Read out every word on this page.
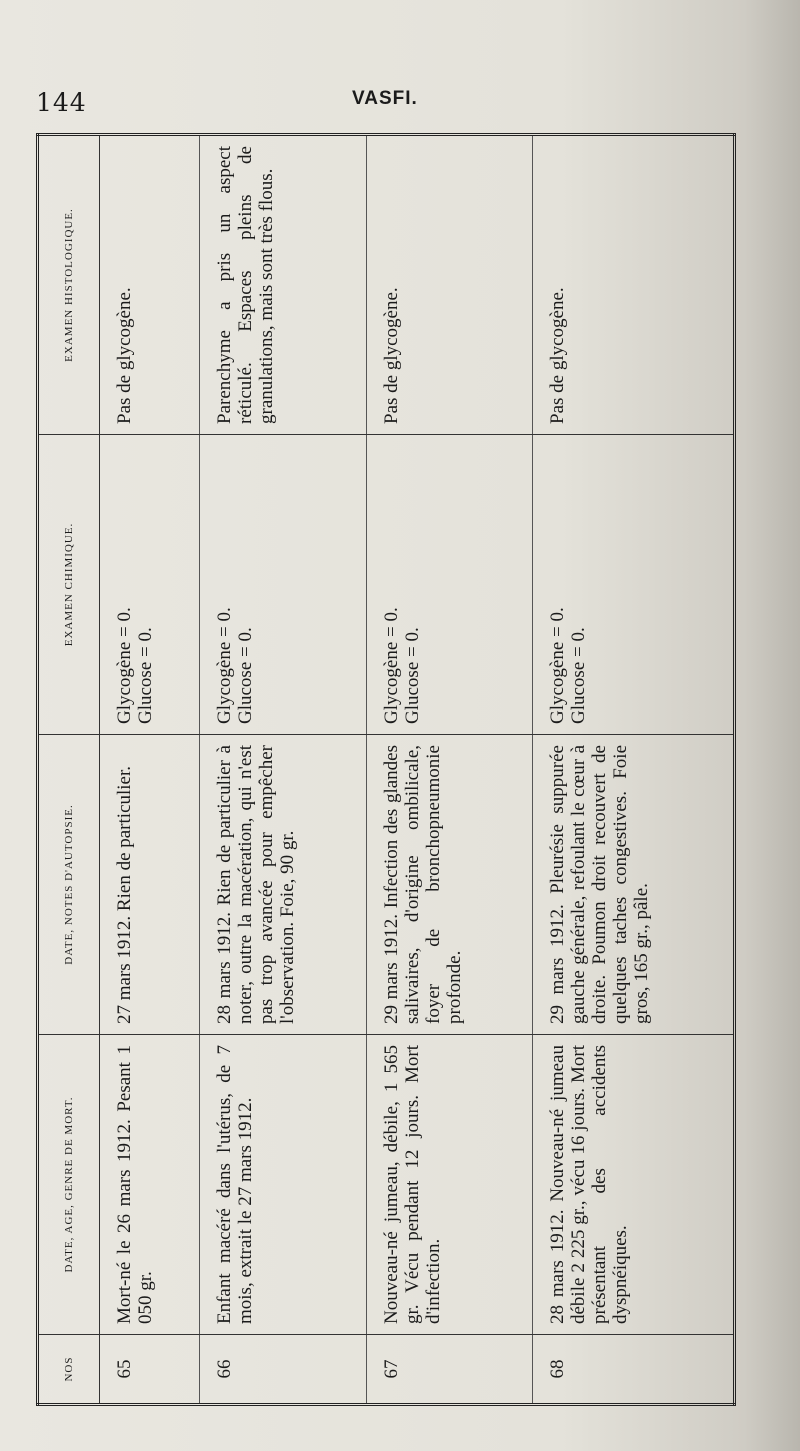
144	VASFI.
NOS	DATE, AGE, GENRE DE MORT.	DATE, NOTES D'AUTOPSIE.	EXAMEN CHIMIQUE.	EXAMEN HISTOLOGIQUE.
65	Mort-né le 26 mars 1912. Pesant 1 050 gr.	27 mars 1912. Rien de particulier.	Glycogène = 0. Glucose = 0.	Pas de glycogène.
66	Enfant macéré dans l'utérus, de 7 mois, extrait le 27 mars 1912.	28 mars 1912. Rien de particulier à noter, outre la macération, qui n'est pas trop avancée pour empêcher l'observation. Foie, 90 gr.	Glycogène = 0. Glucose = 0.	Parenchyme a pris un aspect réticulé. Espaces pleins de granulations, mais sont très flous.
67	Nouveau-né jumeau, débile, 1 565 gr. Vécu pendant 12 jours. Mort d'infection.	29 mars 1912. Infection des glandes salivaires, d'origine ombilicale, foyer de bronchopneumonie profonde.	Glycogène = 0. Glucose = 0.	Pas de glycogène.
68	28 mars 1912. Nouveau-né jumeau débile 2 225 gr., vécu 16 jours. Mort présentant des accidents dyspnéiques.	29 mars 1912. Pleurésie suppurée gauche générale, refoulant le cœur à droite. Poumon droit recouvert de quelques taches congestives. Foie gros, 165 gr., pâle.	Glycogène = 0. Glucose = 0.	Pas de glycogène.
